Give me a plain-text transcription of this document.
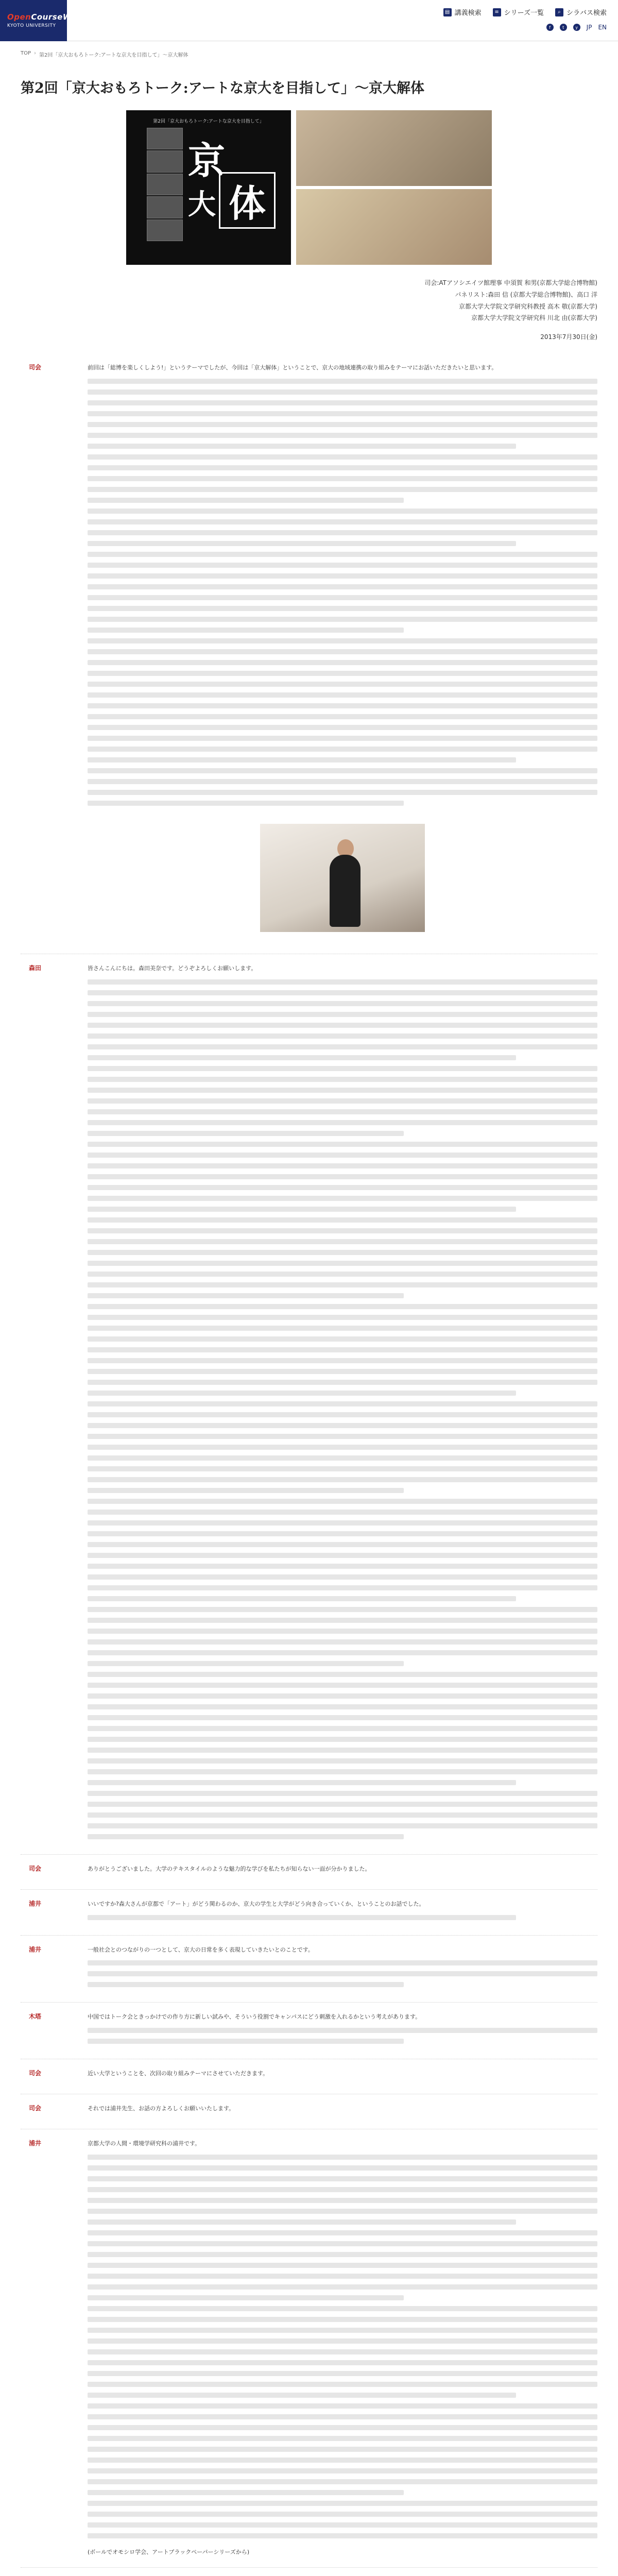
OpenCourseWare
KYOTO UNIVERSITY
▤ 講義検索	≡ シリーズ一覧	⌕ シラバス検索
f	t	y	JP EN
TOP › 第2回「京大おもろトーク:アートな京大を目指して」〜京大解体
第2回「京大おもろトーク:アートな京大を目指して」〜京大解体
第2回「京大おもろトーク:アートな京大を目指して」
京
大 体
司会:ATアソシエイツ館理事 中須賀 和男(京都大学総合博物館)
パネリスト:森田 信 (京都大学総合博物館)、高口 洋
京都大学大学院文学研究科教授 高木 敬(京都大学)
京都大学大学院文学研究科 川北 由(京都大学)
2013年7月30日(金)
司会	前回は「総博を楽しくしよう!」というテーマでしたが、今回は「京大解体」ということで、京大の地域連携の取り組みをテーマにお話いただきたいと思います。

森田	皆さんこんにちは。森田美奈です。どうぞよろしくお願いします。

司会	ありがとうございました。大学のテキスタイルのような魅力的な学びを私たちが知らない一面が分かりました。

浦井	いいですか?森大さんが京都で「アート」がどう関わるのか、京大の学生と大学がどう向き合っていくか、ということのお話でした。

浦井	一般社会とのつながりの一つとして、京大の日常を多く表現していきたいとのことです。

木塔	中国ではトーク会ときっかけでの作り方に新しい試みや、そういう役割でキャンパスにどう刺激を入れるかという考えがあります。

司会	近い大学ということを、次回の取り組みテーマにさせていただきます。

司会	それでは浦井先生、お話の方よろしくお願いいたします。

浦井	京都大学の人間・環境学研究科の浦井です。

(ボールでオモシロ学会、アートブラックペーパーシリーズから)
